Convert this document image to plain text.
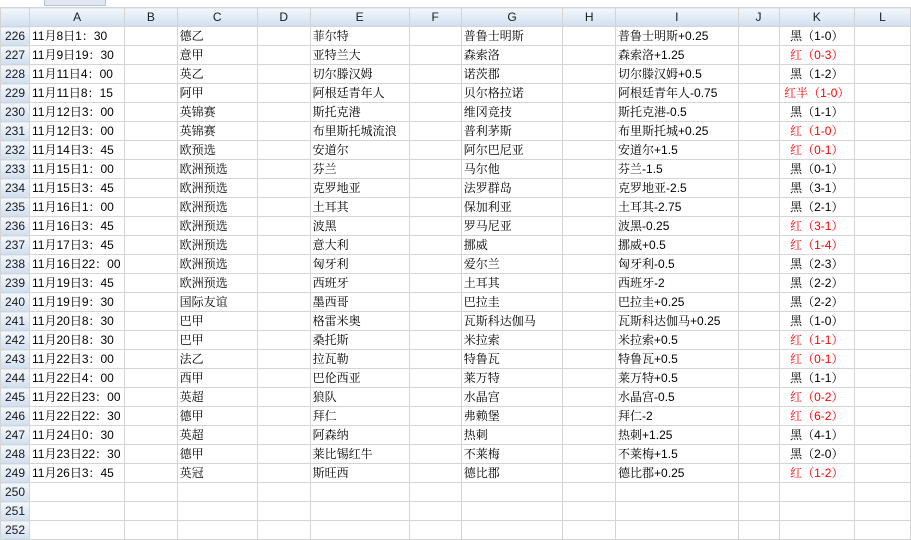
	A	B	C	D	E	F	G	H	I	J	K	L
226	11月8日1：30		德乙		菲尔特		普鲁士明斯		普鲁士明斯+0.25		黑（1-0）	
227	11月9日19：30		意甲		亚特兰大		森索洛		森索洛+1.25		红（0-3）	
228	11月11日4：00		英乙		切尔滕汉姆		诺茨郡		切尔滕汉姆+0.5		黑（1-2）	
229	11月11日8：15		阿甲		阿根廷青年人		贝尔格拉诺		阿根廷青年人-0.75		红半（1-0）	
230	11月12日3：00		英锦赛		斯托克港		维冈竞技		斯托克港-0.5		黑（1-1）	
231	11月12日3：00		英锦赛		布里斯托城流浪		普利茅斯		布里斯托城+0.25		红（1-0）	
232	11月14日3：45		欧预选		安道尔		阿尔巴尼亚		安道尔+1.5		红（0-1）	
233	11月15日1：00		欧洲预选		芬兰		马尔他		芬兰-1.5		黑（0-1）	
234	11月15日3：45		欧洲预选		克罗地亚		法罗群岛		克罗地亚-2.5		黑（3-1）	
235	11月16日1：00		欧洲预选		土耳其		保加利亚		土耳其-2.75		黑（2-1）	
236	11月16日3：45		欧洲预选		波黑		罗马尼亚		波黑-0.25		红（3-1）	
237	11月17日3：45		欧洲预选		意大利		挪威		挪威+0.5		红（1-4）	
238	11月16日22：00		欧洲预选		匈牙利		爱尔兰		匈牙利-0.5		黑（2-3）	
239	11月19日3：45		欧洲预选		西班牙		土耳其		西班牙-2		黑（2-2）	
240	11月19日9：30		国际友谊		墨西哥		巴拉圭		巴拉圭+0.25		黑（2-2）	
241	11月20日8：30		巴甲		格雷米奥		瓦斯科达伽马		瓦斯科达伽马+0.25		黑（1-0）	
242	11月20日8：30		巴甲		桑托斯		米拉索		米拉索+0.5		红（1-1）	
243	11月22日3：00		法乙		拉瓦勒		特鲁瓦		特鲁瓦+0.5		红（0-1）	
244	11月22日4：00		西甲		巴伦西亚		莱万特		莱万特+0.5		黑（1-1）	
245	11月22日23：00		英超		狼队		水晶宫		水晶宫-0.5		红（0-2）	
246	11月22日22：30		德甲		拜仁		弗赖堡		拜仁-2		红（6-2）	
247	11月24日0：30		英超		阿森纳		热刺		热刺+1.25		黑（4-1）	
248	11月23日22：30		德甲		莱比锡红牛		不莱梅		不莱梅+1.5		黑（2-0）	
249	11月26日3：45		英冠		斯旺西		德比郡		德比郡+0.25		红（1-2）	
250												
251												
252												
